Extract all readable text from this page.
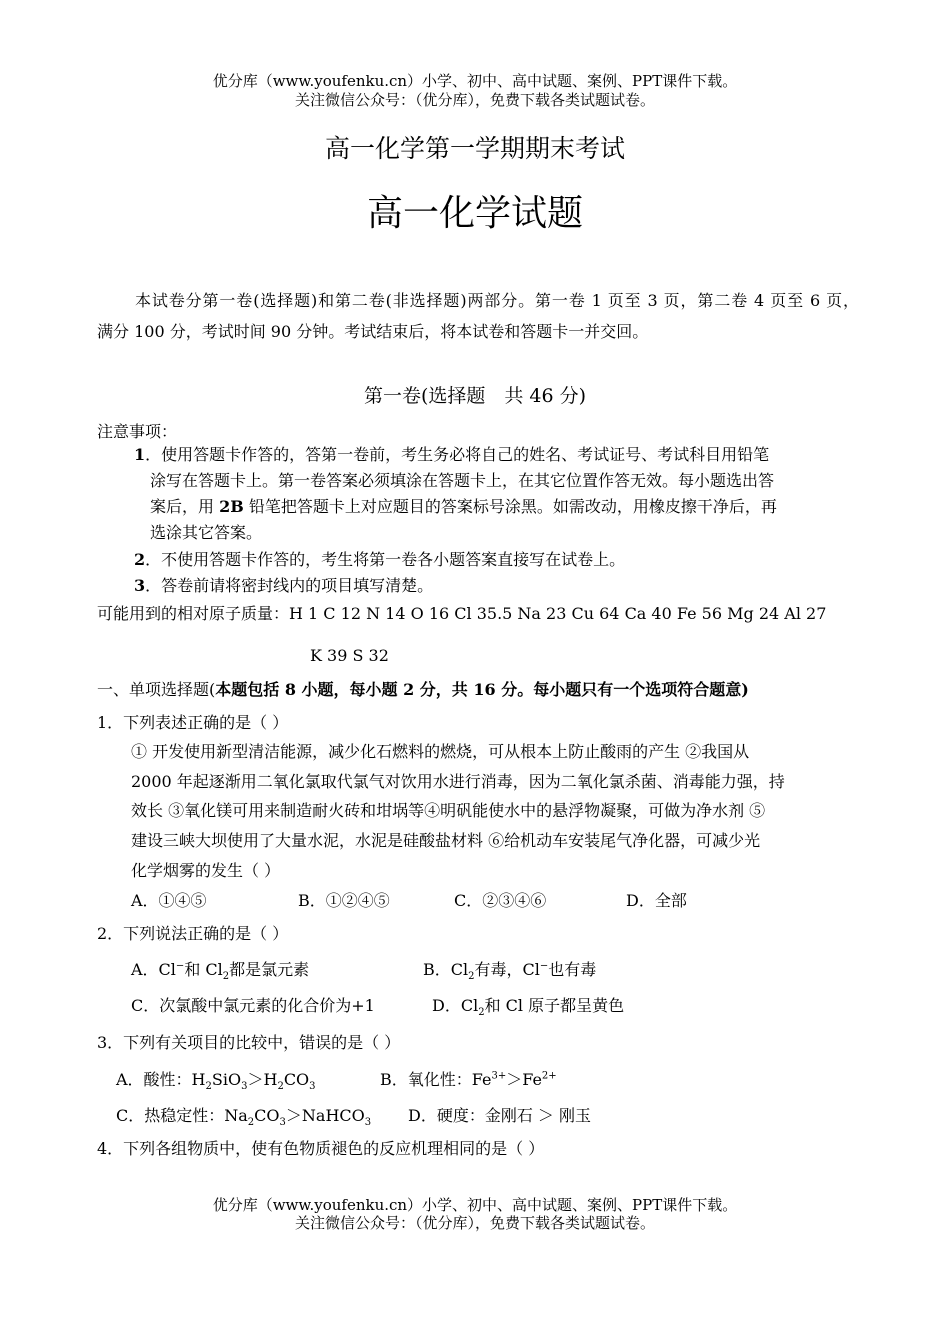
优分库（www.youfenku.cn）小学、初中、高中试题、案例、PPT课件下载。
关注微信公众号：（优分库），免费下载各类试题试卷。
高一化学第一学期期末考试
高一化学试题
本试卷分第一卷(选择题)和第二卷(非选择题)两部分。第一卷 1 页至 3 页，第二卷 4 页至 6 页，
满分 100 分，考试时间 90 分钟。考试结束后，将本试卷和答题卡一并交回。
第一卷(选择题　共 46 分)
注意事项：
1．使用答题卡作答的，答第一卷前，考生务必将自己的姓名、考试证号、考试科目用铅笔
涂写在答题卡上。第一卷答案必须填涂在答题卡上，在其它位置作答无效。每小题选出答
案后，用 2B 铅笔把答题卡上对应题目的答案标号涂黑。如需改动，用橡皮擦干净后，再
选涂其它答案。
2．不使用答题卡作答的，考生将第一卷各小题答案直接写在试卷上。
3．答卷前请将密封线内的项目填写清楚。
可能用到的相对原子质量：H 1 C 12 N 14 O 16 Cl 35.5 Na 23 Cu 64 Ca 40 Fe 56 Mg 24 Al 27
K 39 S 32
一、单项选择题(本题包括 8 小题，每小题 2 分，共 16 分。每小题只有一个选项符合题意)
1．下列表述正确的是（ ）
① 开发使用新型清洁能源，减少化石燃料的燃烧，可从根本上防止酸雨的产生 ②我国从
2000 年起逐渐用二氧化氯取代氯气对饮用水进行消毒，因为二氧化氯杀菌、消毒能力强，持
效长 ③氧化镁可用来制造耐火砖和坩埚等④明矾能使水中的悬浮物凝聚，可做为净水剂 ⑤
建设三峡大坝使用了大量水泥，水泥是硅酸盐材料 ⑥给机动车安装尾气净化器，可减少光
化学烟雾的发生（ ）
A．①④⑤	B．①②④⑤	C．②③④⑥	D．全部
2．下列说法正确的是（ ）
A．Cl−和 $Cl_2$都是氯元素	B．$Cl_2$有毒，Cl−也有毒
C．次氯酸中氯元素的化合价为+1	D．$Cl_2$和 Cl 原子都呈黄色
3．下列有关项目的比较中，错误的是（ ）
A．酸性：$H_2SiO_3>H_2CO_3$	B．氧化性：$Fe^{3+}>Fe^{2+}$
C．热稳定性：$Na_2CO_3>NaHCO_3$ D．硬度：金刚石 ＞ 刚玉
4．下列各组物质中，使有色物质褪色的反应机理相同的是（ ）
优分库（www.youfenku.cn）小学、初中、高中试题、案例、PPT课件下载。
关注微信公众号：（优分库），免费下载各类试题试卷。
